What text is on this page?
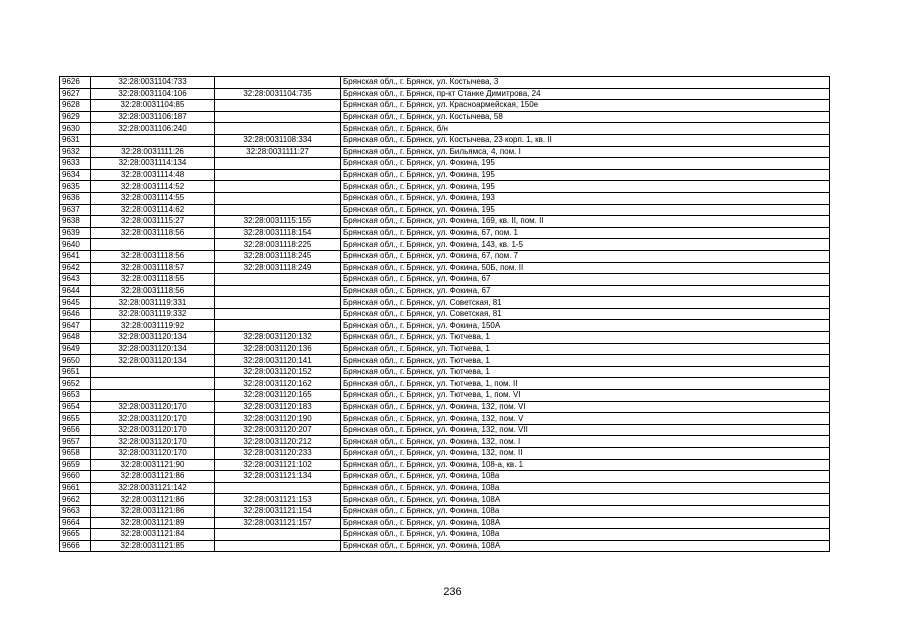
9626	32:28:0031104:733		Брянская обл., г. Брянск, ул. Костычева, 3
9627	32:28:0031104:106	32:28:0031104:735	Брянская обл., г. Брянск, пр-кт Станке Димитрова, 24
9628	32:28:0031104:85		Брянская обл., г. Брянск, ул. Красноармейская, 150е
9629	32:28:0031106:187		Брянская обл., г. Брянск, ул. Костычева, 58
9630	32:28:0031106:240		Брянская обл., г. Брянск, б/н
9631		32:28:0031108:334	Брянская обл., г. Брянск, ул. Костычева, 23 корп. 1, кв. II
9632	32:28:0031111:26	32:28:0031111:27	Брянская обл., г. Брянск, ул. Бильямса, 4, пом. I
9633	32:28:0031114:134		Брянская обл., г. Брянск, ул. Фокина, 195
9634	32:28:0031114:48		Брянская обл., г. Брянск, ул. Фокина, 195
9635	32:28:0031114:52		Брянская обл., г. Брянск, ул. Фокина, 195
9636	32:28:0031114:55		Брянская обл., г. Брянск, ул. Фокина, 193
9637	32:28:0031114:62		Брянская обл., г. Брянск, ул. Фокина, 195
9638	32:28:0031115:27	32:28:0031115:155	Брянская обл., г. Брянск, ул. Фокина, 169, кв. II, пом. II
9639	32:28:0031118:56	32:28:0031118:154	Брянская обл., г. Брянск, ул. Фокина, 67, пом. 1
9640		32:28:0031118:225	Брянская обл., г. Брянск, ул. Фокина, 143, кв. 1-5
9641	32:28:0031118:56	32:28:0031118:245	Брянская обл., г. Брянск, ул. Фокина, 67, пом. 7
9642	32:28:0031118:57	32:28:0031118:249	Брянская обл., г. Брянск, ул. Фокина, 50Б, пом. II
9643	32:28:0031118:55		Брянская обл., г. Брянск, ул. Фокина, 67
9644	32:28:0031118:56		Брянская обл., г. Брянск, ул. Фокина, 67
9645	32:28:0031119:331		Брянская обл., г. Брянск, ул. Советская, 81
9646	32:28:0031119:332		Брянская обл., г. Брянск, ул. Советская, 81
9647	32:28:0031119:92		Брянская обл., г. Брянск, ул. Фокина, 150А
9648	32:28:0031120:134	32:28:0031120:132	Брянская обл., г. Брянск, ул. Тютчева, 1
9649	32:28:0031120:134	32:28:0031120:136	Брянская обл., г. Брянск, ул. Тютчева, 1
9650	32:28:0031120:134	32:28:0031120:141	Брянская обл., г. Брянск, ул. Тютчева, 1
9651		32:28:0031120:152	Брянская обл., г. Брянск, ул. Тютчева, 1
9652		32:28:0031120:162	Брянская обл., г. Брянск, ул. Тютчева, 1, пом. II
9653		32:28:0031120:165	Брянская обл., г. Брянск, ул. Тютчева, 1, пом. VI
9654	32:28:0031120:170	32:28:0031120:183	Брянская обл., г. Брянск, ул. Фокина, 132, пом. VI
9655	32:28:0031120:170	32:28:0031120:190	Брянская обл., г. Брянск, ул. Фокина, 132, пом. V
9656	32:28:0031120:170	32:28:0031120:207	Брянская обл., г. Брянск, ул. Фокина, 132, пом. VII
9657	32:28:0031120:170	32:28:0031120:212	Брянская обл., г. Брянск, ул. Фокина, 132, пом. I
9658	32:28:0031120:170	32:28:0031120:233	Брянская обл., г. Брянск, ул. Фокина, 132, пом. II
9659	32:28:0031121:90	32:28:0031121:102	Брянская обл., г. Брянск, ул. Фокина, 108-а, кв. 1
9660	32:28:0031121:86	32:28:0031121:134	Брянская обл., г. Брянск, ул. Фокина, 108а
9661	32:28:0031121:142		Брянская обл., г. Брянск, ул. Фокина, 108а
9662	32:28:0031121:86	32:28:0031121:153	Брянская обл., г. Брянск, ул. Фокина, 108А
9663	32:28:0031121:86	32:28:0031121:154	Брянская обл., г. Брянск, ул. Фокина, 108а
9664	32:28:0031121:89	32:28:0031121:157	Брянская обл., г. Брянск, ул. Фокина, 108А
9665	32:28:0031121:84		Брянская обл., г. Брянск, ул. Фокина, 108а
9666	32:28:0031121:85		Брянская обл., г. Брянск, ул. Фокина, 108А
236
